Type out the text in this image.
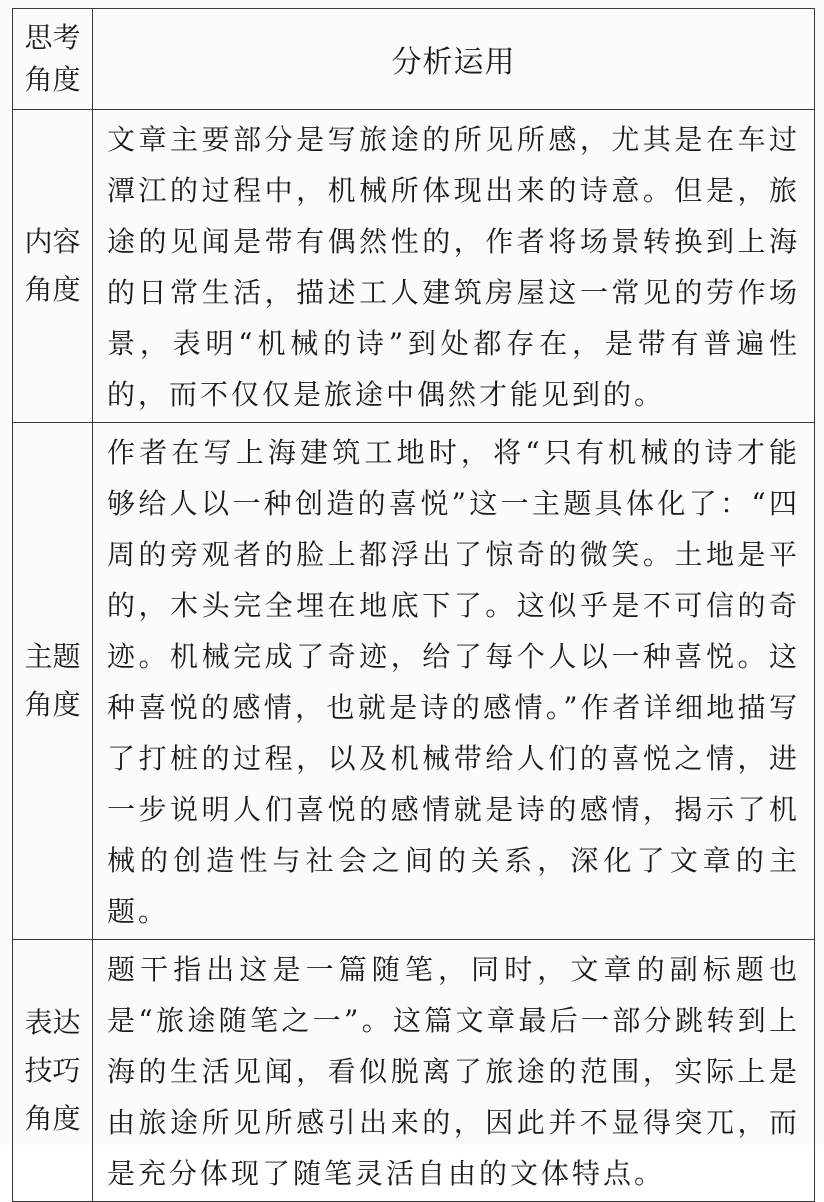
思考
角度	分析运用

内容
角度	文章主要部分是写旅途的所见所感，尤其是在车过潭江的过程中，机械所体现出来的诗意。但是，旅途的见闻是带有偶然性的，作者将场景转换到上海的日常生活，描述工人建筑房屋这一常见的劳作场景，表明“机械的诗”到处都存在，是带有普遍性的，而不仅仅是旅途中偶然才能见到的。

主题
角度	作者在写上海建筑工地时，将“只有机械的诗才能够给人以一种创造的喜悦”这一主题具体化了：“四周的旁观者的脸上都浮出了惊奇的微笑。土地是平的，木头完全埋在地底下了。这似乎是不可信的奇迹。机械完成了奇迹，给了每个人以一种喜悦。这种喜悦的感情，也就是诗的感情。”作者详细地描写了打桩的过程，以及机械带给人们的喜悦之情，进一步说明人们喜悦的感情就是诗的感情，揭示了机械的创造性与社会之间的关系，深化了文章的主题。

表达
技巧
角度	题干指出这是一篇随笔，同时，文章的副标题也是“旅途随笔之一”。这篇文章最后一部分跳转到上海的生活见闻，看似脱离了旅途的范围，实际上是由旅途所见所感引出来的，因此并不显得突兀，而是充分体现了随笔灵活自由的文体特点。
